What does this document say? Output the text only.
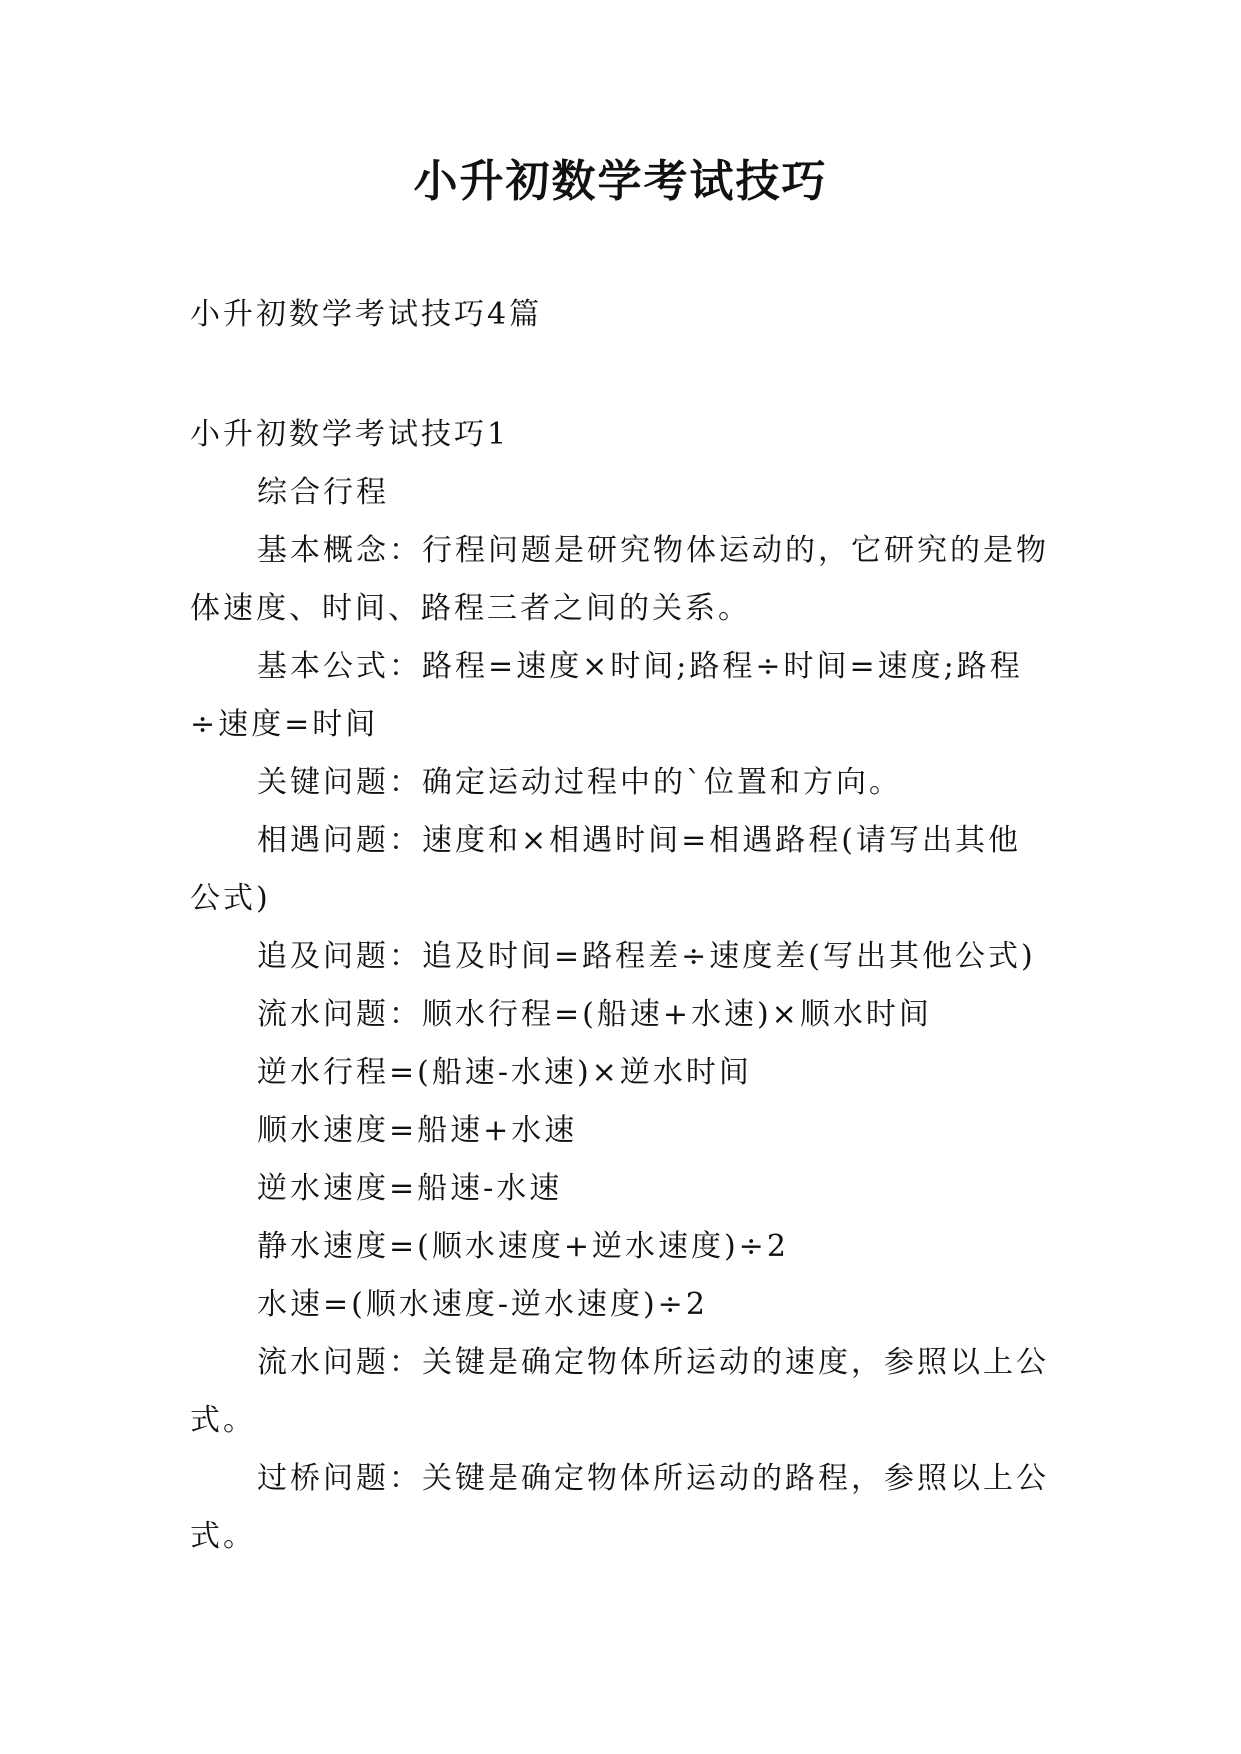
小升初数学考试技巧
小升初数学考试技巧4篇

小升初数学考试技巧1

综合行程

基本概念：行程问题是研究物体运动的，它研究的是物体速度、时间、路程三者之间的关系。

基本公式：路程=速度×时间;路程÷时间=速度;路程÷速度=时间

关键问题：确定运动过程中的`位置和方向。

相遇问题：速度和×相遇时间=相遇路程(请写出其他公式)

追及问题：追及时间=路程差÷速度差(写出其他公式)

流水问题：顺水行程=(船速+水速)×顺水时间

逆水行程=(船速-水速)×逆水时间

顺水速度=船速+水速

逆水速度=船速-水速

静水速度=(顺水速度+逆水速度)÷2

水速=(顺水速度-逆水速度)÷2

流水问题：关键是确定物体所运动的速度，参照以上公式。

过桥问题：关键是确定物体所运动的路程，参照以上公式。
